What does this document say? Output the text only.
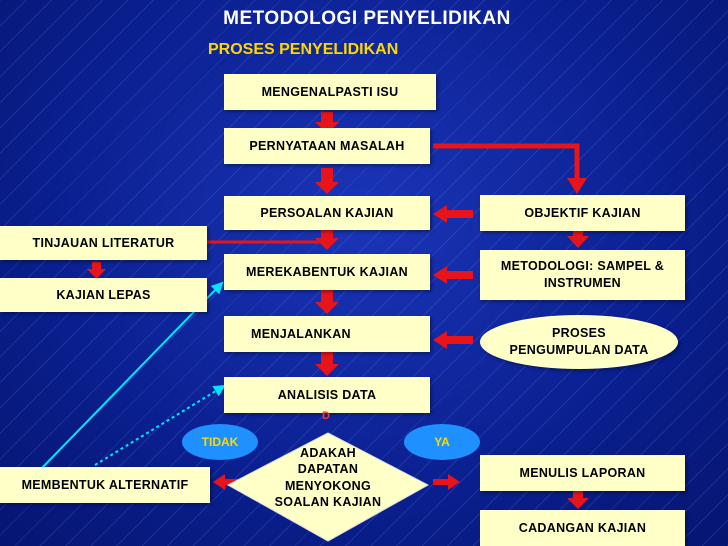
METODOLOGI PENYELIDIKAN
PROSES PENYELIDIKAN
MENGENALPASTI ISU
PERNYATAAN MASALAH
PERSOALAN KAJIAN
MEREKABENTUK KAJIAN
MENJALANKAN
KAJIAN
ANALISIS DATA
D
ADAKAH DAPATAN MENYOKONG SOALAN KAJIAN
TINJAUAN LITERATUR
KAJIAN LEPAS
MEMBENTUK ALTERNATIF
OBJEKTIF KAJIAN
METODOLOGI: SAMPEL & INSTRUMEN
PROSES PENGUMPULAN DATA
MENULIS LAPORAN
CADANGAN KAJIAN
TIDAK	YA
